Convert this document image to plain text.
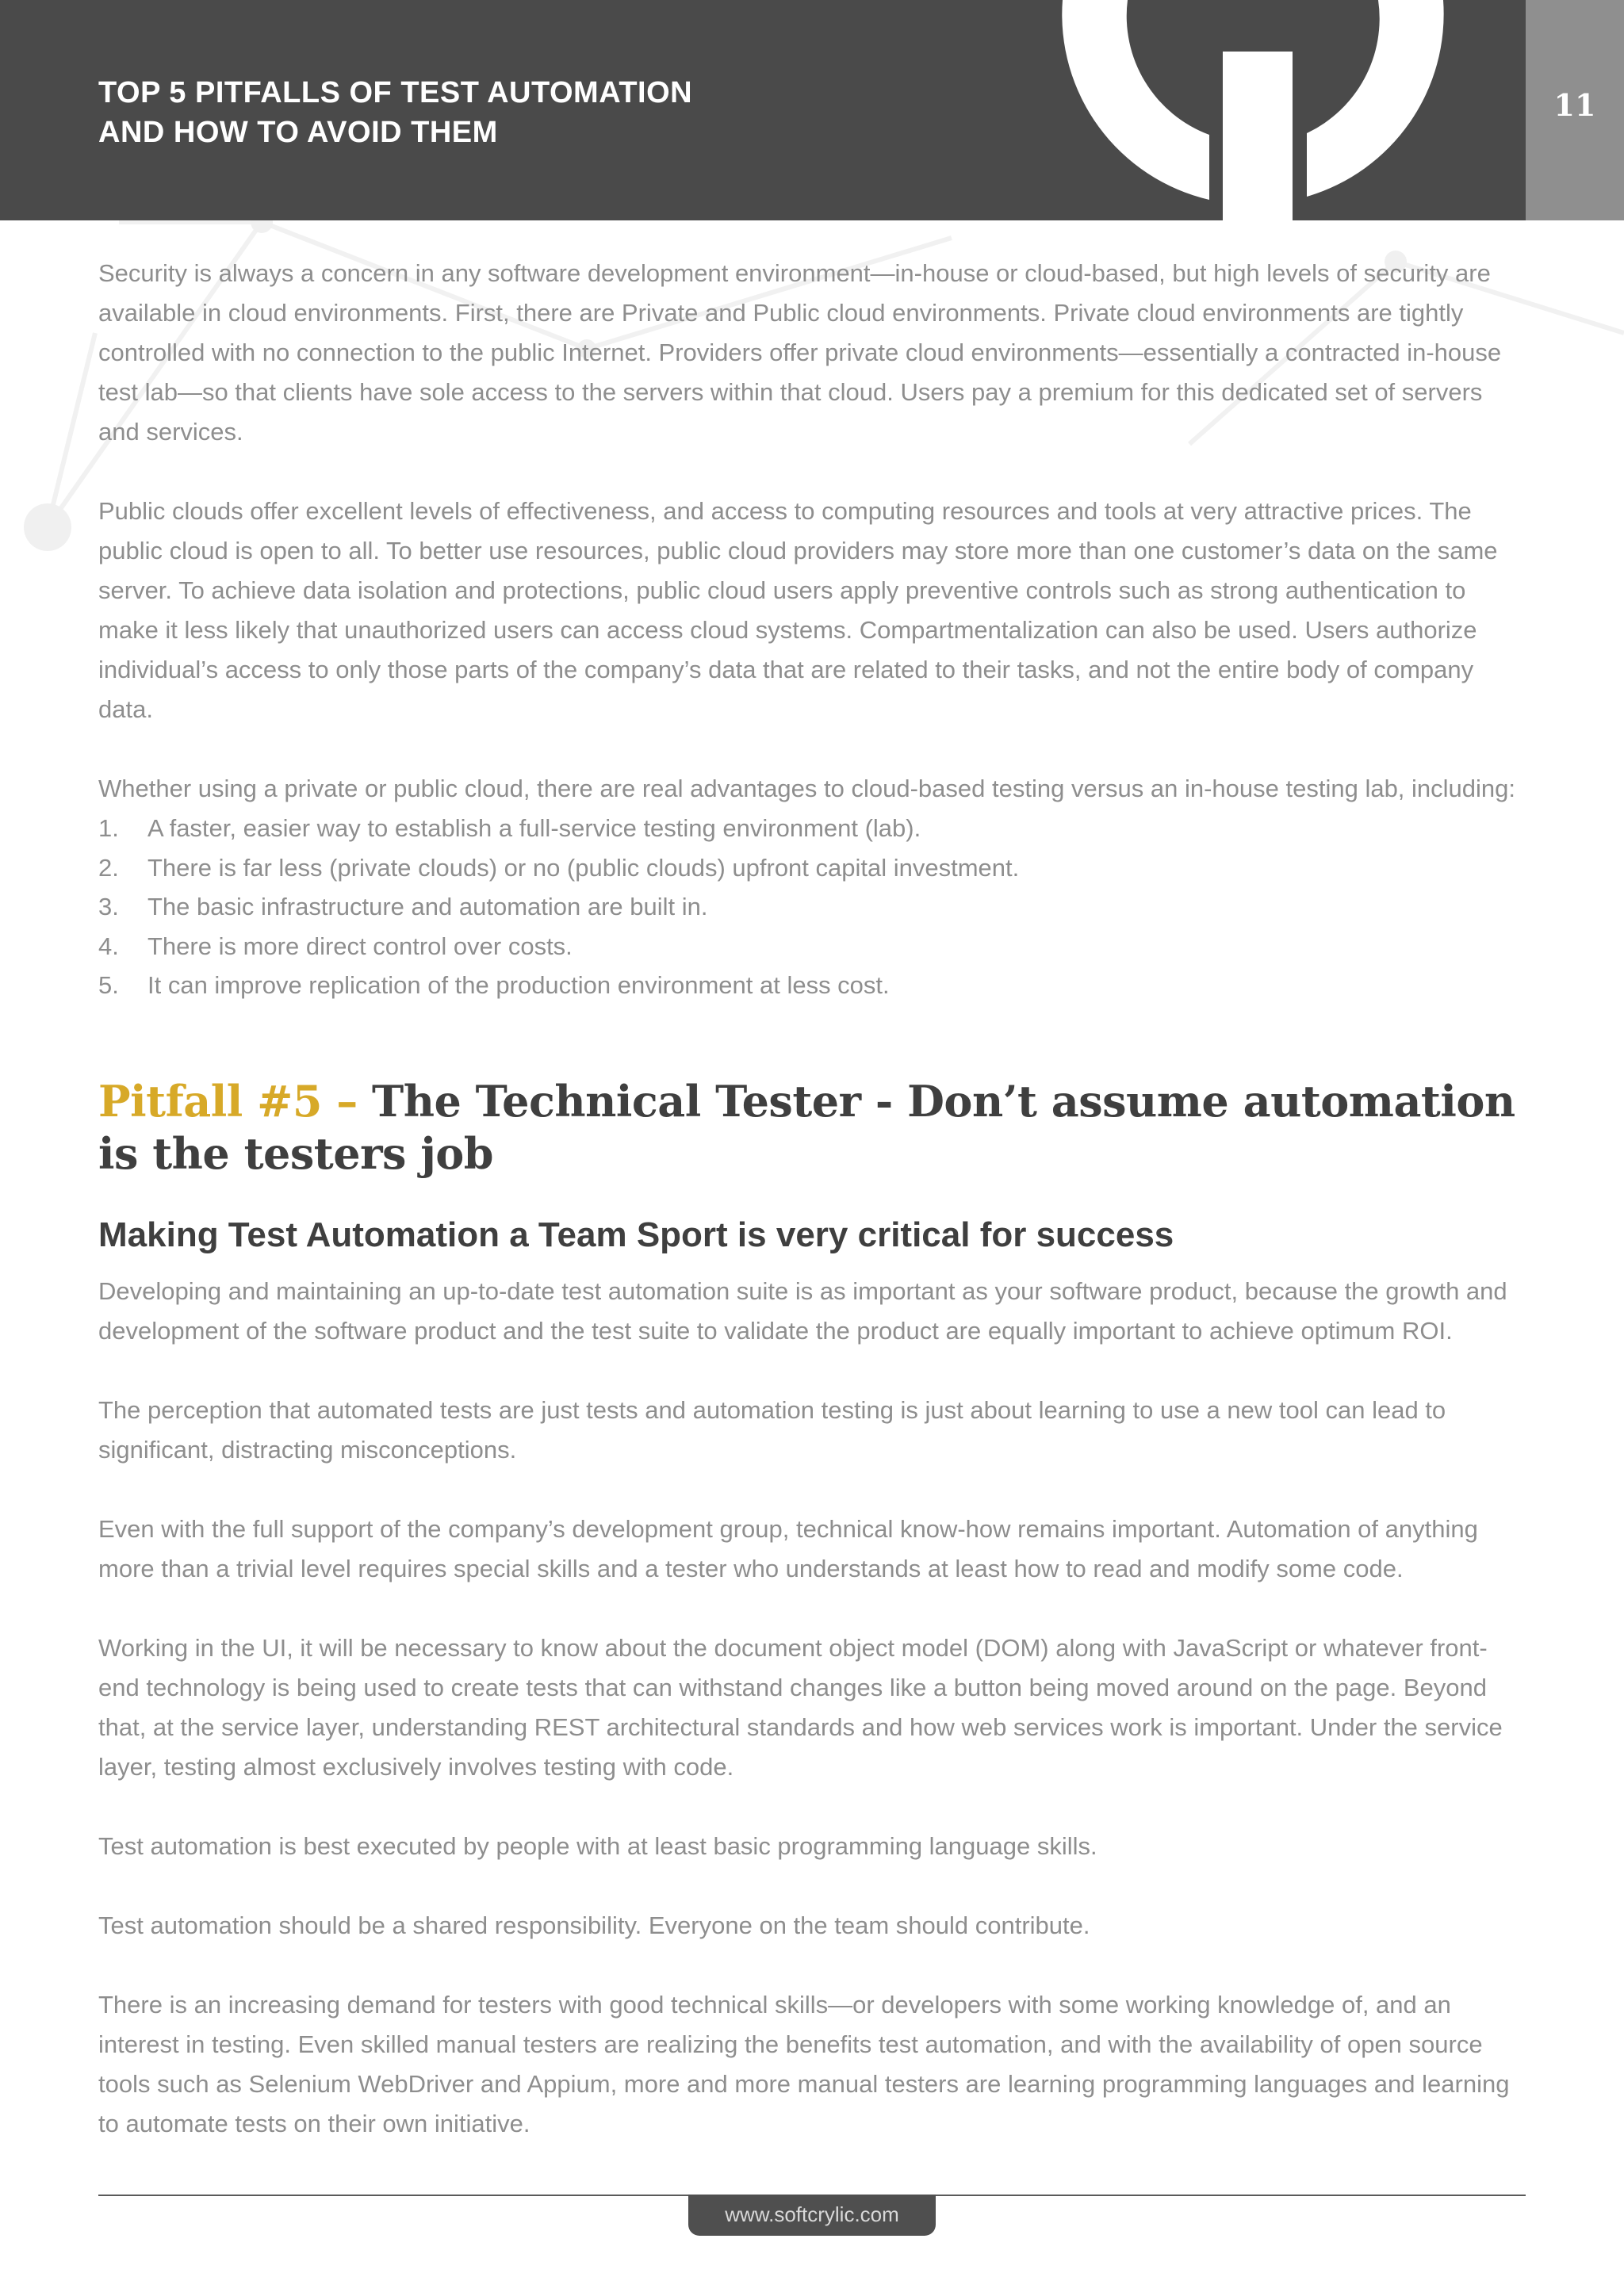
TOP 5 PITFALLS OF TEST AUTOMATION
AND HOW TO AVOID THEM
11

Security is always a concern in any software development environment—in-house or cloud-based, but high levels of security are available in cloud environments. First, there are Private and Public cloud environments. Private cloud environments are tightly controlled with no connection to the public Internet. Providers offer private cloud environments—essentially a contracted in-house test lab—so that clients have sole access to the servers within that cloud. Users pay a premium for this dedicated set of servers and services.

Public clouds offer excellent levels of effectiveness, and access to computing resources and tools at very attractive prices. The public cloud is open to all. To better use resources, public cloud providers may store more than one customer’s data on the same server. To achieve data isolation and protections, public cloud users apply preventive controls such as strong authentication to make it less likely that unauthorized users can access cloud systems. Compartmentalization can also be used. Users authorize individual’s access to only those parts of the company’s data that are related to their tasks, and not the entire body of company data.

Whether using a private or public cloud, there are real advantages to cloud-based testing versus an in-house testing lab, including:

1. A faster, easier way to establish a full-service testing environment (lab).
2. There is far less (private clouds) or no (public clouds) upfront capital investment.
3. The basic infrastructure and automation are built in.
4. There is more direct control over costs.
5. It can improve replication of the production environment at less cost.
Pitfall #5 – The Technical Tester - Don’t assume automation is the testers job
Making Test Automation a Team Sport is very critical for success

Developing and maintaining an up-to-date test automation suite is as important as your software product, because the growth and development of the software product and the test suite to validate the product are equally important to achieve optimum ROI.

The perception that automated tests are just tests and automation testing is just about learning to use a new tool can lead to significant, distracting misconceptions.

Even with the full support of the company’s development group, technical know-how remains important. Automation of anything more than a trivial level requires special skills and a tester who understands at least how to read and modify some code.

Working in the UI, it will be necessary to know about the document object model (DOM) along with JavaScript or whatever front-end technology is being used to create tests that can withstand changes like a button being moved around on the page. Beyond that, at the service layer, understanding REST architectural standards and how web services work is important. Under the service layer, testing almost exclusively involves testing with code.

Test automation is best executed by people with at least basic programming language skills.

Test automation should be a shared responsibility. Everyone on the team should contribute.

There is an increasing demand for testers with good technical skills—or developers with some working knowledge of, and an interest in testing. Even skilled manual testers are realizing the benefits test automation, and with the availability of open source tools such as Selenium WebDriver and Appium, more and more manual testers are learning programming languages and learning to automate tests on their own initiative.

www.softcrylic.com
